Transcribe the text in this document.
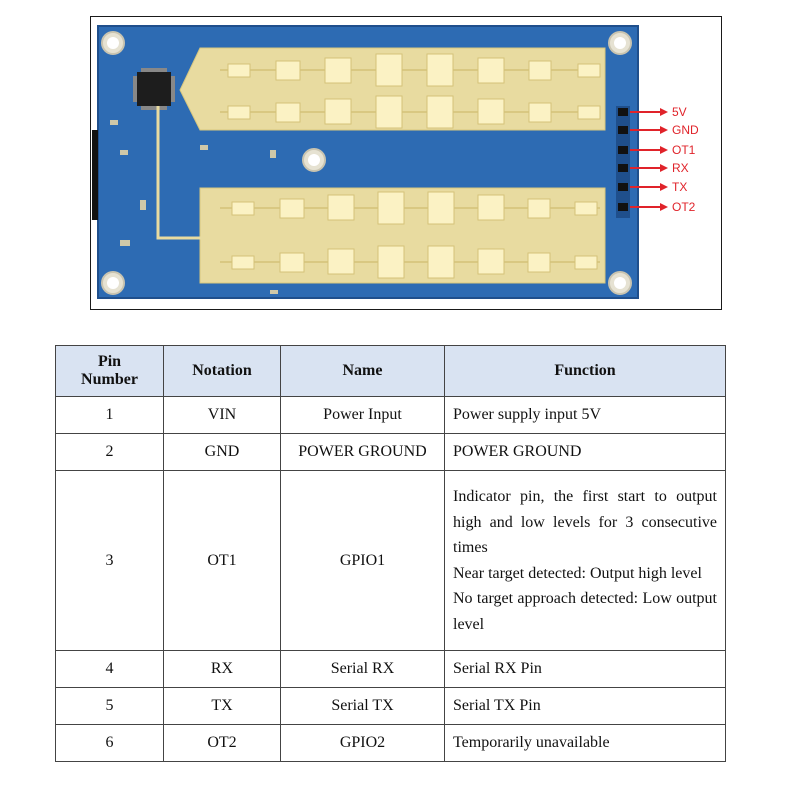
5V
GND
OT1
RX
TX
OT2
Pin
Number	Notation	Name	Function
1	VIN	Power Input	Power supply input 5V
2	GND	POWER GROUND	POWER GROUND
3	OT1	GPIO1	Indicator pin, the first start to output high and low levels for 3 consecutive times
Near target detected: Output high level
No target approach detected: Low output level

4	RX	Serial RX	Serial RX Pin
5	TX	Serial TX	Serial TX Pin
6	OT2	GPIO2	Temporarily unavailable
